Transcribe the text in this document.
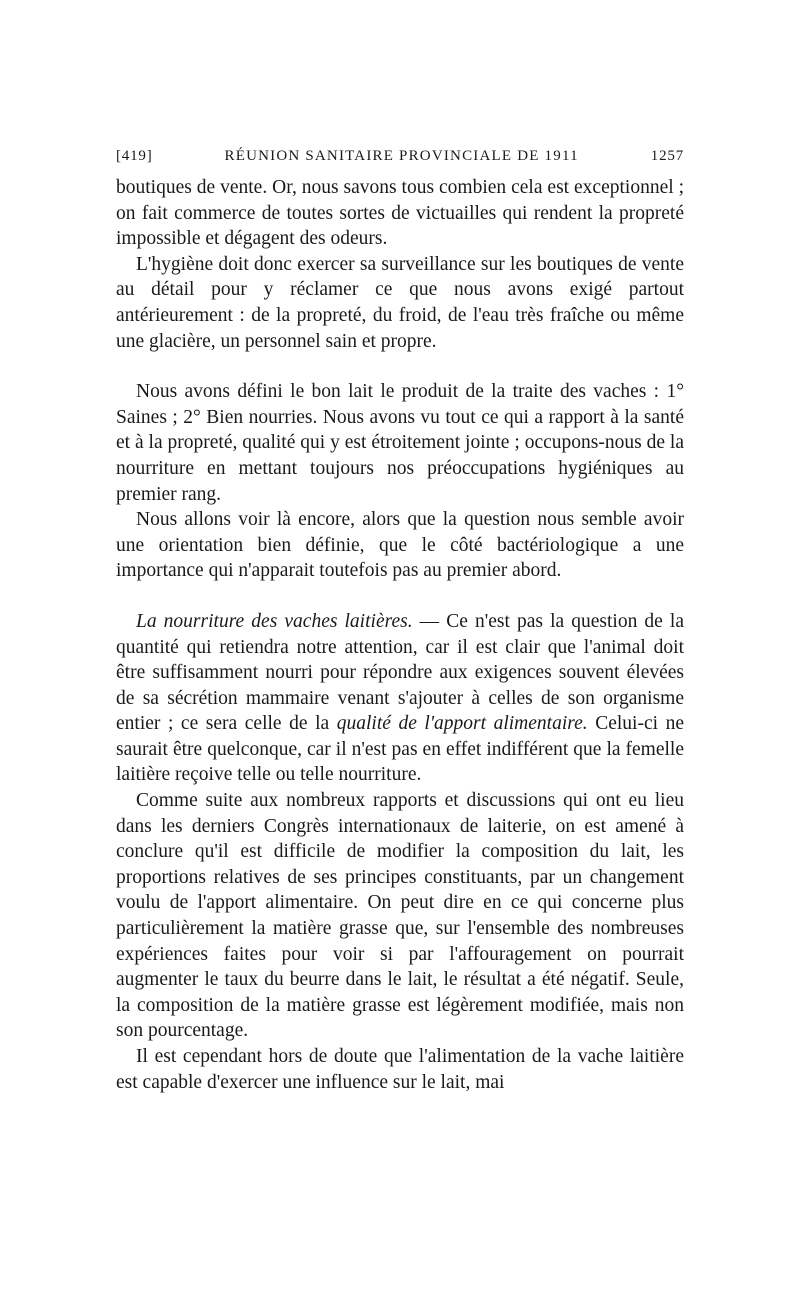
[419]	RÉUNION SANITAIRE PROVINCIALE DE 1911	1257

boutiques de vente. Or, nous savons tous combien cela est exceptionnel ; on fait commerce de toutes sortes de victuailles qui rendent la propreté impossible et dégagent des odeurs.

L'hygiène doit donc exercer sa surveillance sur les boutiques de vente au détail pour y réclamer ce que nous avons exigé partout antérieurement : de la propreté, du froid, de l'eau très fraîche ou même une glacière, un personnel sain et propre.

Nous avons défini le bon lait le produit de la traite des vaches : 1° Saines ; 2° Bien nourries. Nous avons vu tout ce qui a rapport à la santé et à la propreté, qualité qui y est étroitement jointe ; occupons-nous de la nourriture en mettant toujours nos préoccupations hygiéniques au premier rang.

Nous allons voir là encore, alors que la question nous semble avoir une orientation bien définie, que le côté bactériologique a une importance qui n'apparait toutefois pas au premier abord.

La nourriture des vaches laitières. — Ce n'est pas la question de la quantité qui retiendra notre attention, car il est clair que l'animal doit être suffisamment nourri pour répondre aux exigences souvent élevées de sa sécrétion mammaire venant s'ajouter à celles de son organisme entier ; ce sera celle de la qualité de l'apport alimentaire. Celui-ci ne saurait être quelconque, car il n'est pas en effet indifférent que la femelle laitière reçoive telle ou telle nourriture.

Comme suite aux nombreux rapports et discussions qui ont eu lieu dans les derniers Congrès internationaux de laiterie, on est amené à conclure qu'il est difficile de modifier la composition du lait, les proportions relatives de ses principes constituants, par un changement voulu de l'apport alimentaire. On peut dire en ce qui concerne plus particulièrement la matière grasse que, sur l'ensemble des nombreuses expériences faites pour voir si par l'affouragement on pourrait augmenter le taux du beurre dans le lait, le résultat a été négatif. Seule, la composition de la matière grasse est légèrement modifiée, mais non son pourcentage.

Il est cependant hors de doute que l'alimentation de la vache laitière est capable d'exercer une influence sur le lait, mai
